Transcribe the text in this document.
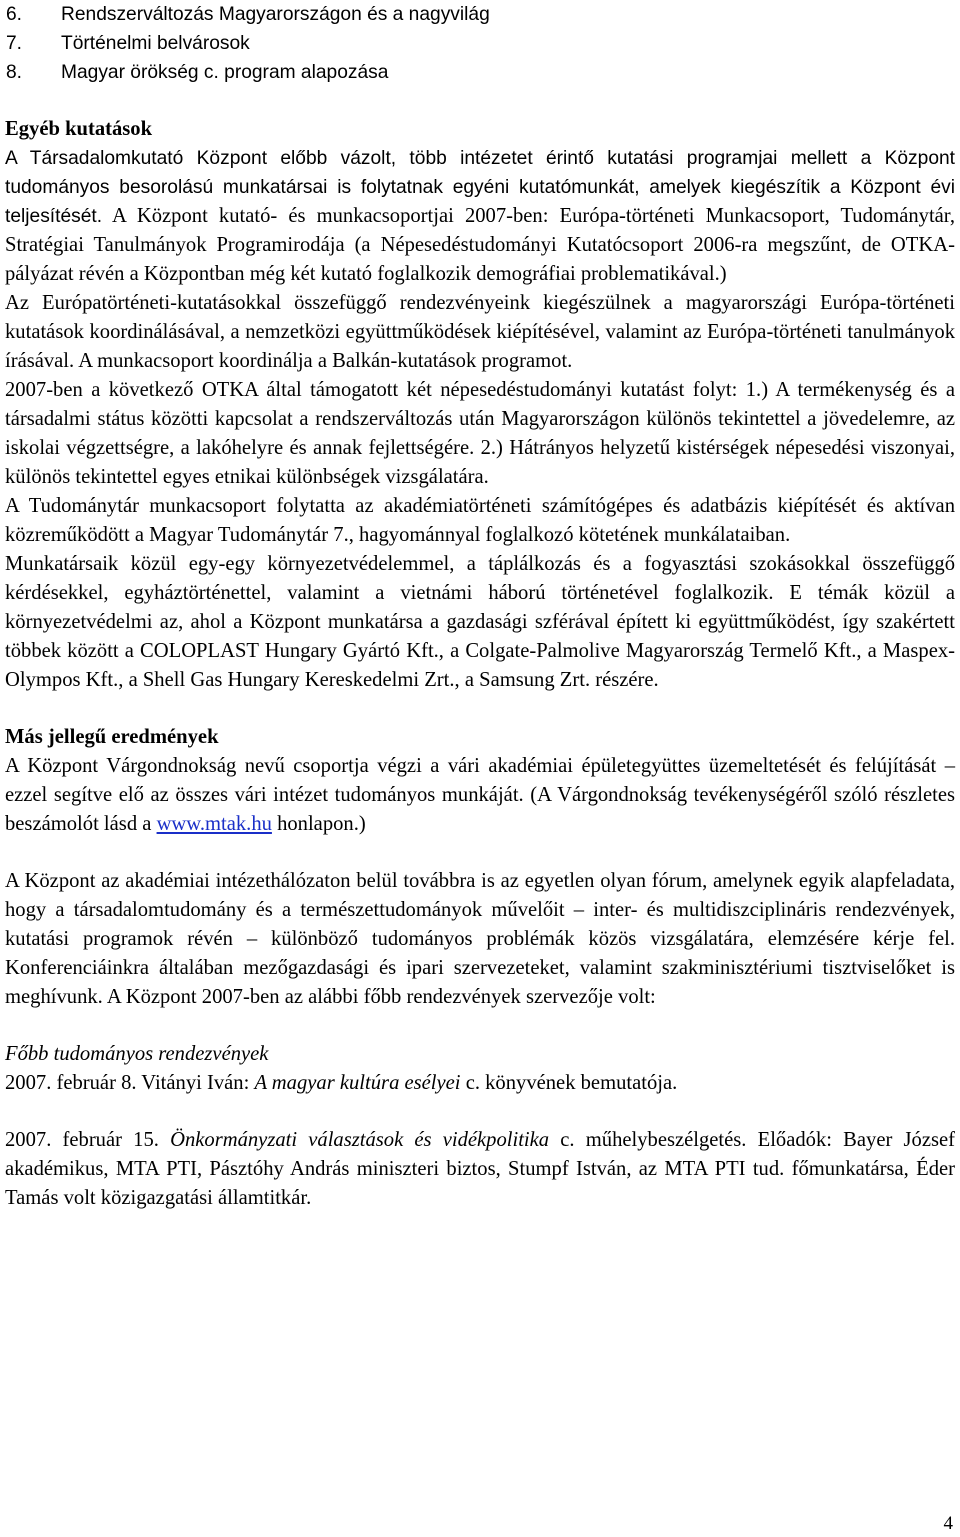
6. Rendszerváltozás Magyarországon és a nagyvilág
7. Történelmi belvárosok
8. Magyar örökség c. program alapozása
Egyéb kutatások

A Társadalomkutató Központ előbb vázolt, több intézetet érintő kutatási programjai mellett a Központ tudományos besorolású munkatársai is folytatnak egyéni kutatómunkát, amelyek kiegészítik a Központ évi teljesítését. A Központ kutató- és munkacsoportjai 2007-ben: Európa-történeti Munkacsoport, Tudománytár, Stratégiai Tanulmányok Programirodája (a Népesedéstudományi Kutatócsoport 2006-ra megszűnt, de OTKA-pályázat révén a Központban még két kutató foglalkozik demográfiai problematikával.)

Az Európatörténeti-kutatásokkal összefüggő rendezvényeink kiegészülnek a magyarországi Európa-történeti kutatások koordinálásával, a nemzetközi együttműködések kiépítésével, valamint az Európa-történeti tanulmányok írásával. A munkacsoport koordinálja a Balkán-kutatások programot.

2007-ben a következő OTKA által támogatott két népesedéstudományi kutatást folyt: 1.) A termékenység és a társadalmi státus közötti kapcsolat a rendszerváltozás után Magyarországon különös tekintettel a jövedelemre, az iskolai végzettségre, a lakóhelyre és annak fejlettségére. 2.) Hátrányos helyzetű kistérségek népesedési viszonyai, különös tekintettel egyes etnikai különbségek vizsgálatára.

A Tudománytár munkacsoport folytatta az akadémiatörténeti számítógépes és adatbázis kiépítését és aktívan közreműködött a Magyar Tudománytár 7., hagyománnyal foglalkozó kötetének munkálataiban.

Munkatársaik közül egy-egy környezetvédelemmel, a táplálkozás és a fogyasztási szokásokkal összefüggő kérdésekkel, egyháztörténettel, valamint a vietnámi háború történetével foglalkozik. E témák közül a környezetvédelmi az, ahol a Központ munkatársa a gazdasági szférával épített ki együttműködést, így szakértett többek között a COLOPLAST Hungary Gyártó Kft., a Colgate-Palmolive Magyarország Termelő Kft., a Maspex-Olympos Kft., a Shell Gas Hungary Kereskedelmi Zrt., a Samsung Zrt. részére.

Más jellegű eredmények

A Központ Várgondnokság nevű csoportja végzi a vári akadémiai épületegyüttes üzemeltetését és felújítását – ezzel segítve elő az összes vári intézet tudományos munkáját. (A Várgondnokság tevékenységéről szóló részletes beszámolót lásd a www.mtak.hu honlapon.)

A Központ az akadémiai intézethálózaton belül továbbra is az egyetlen olyan fórum, amelynek egyik alapfeladata, hogy a társadalomtudomány és a természettudományok művelőit – inter- és multidiszciplináris rendezvények, kutatási programok révén – különböző tudományos problémák közös vizsgálatára, elemzésére kérje fel. Konferenciáinkra általában mezőgazdasági és ipari szervezeteket, valamint szakminisztériumi tisztviselőket is meghívunk. A Központ 2007-ben az alábbi főbb rendezvények szervezője volt:

Főbb tudományos rendezvények

2007. február 8. Vitányi Iván: A magyar kultúra esélyei c. könyvének bemutatója.

2007. február 15. Önkormányzati választások és vidékpolitika c. műhelybeszélgetés. Előadók: Bayer József akadémikus, MTA PTI, Pásztóhy András miniszteri biztos, Stumpf István, az MTA PTI tud. főmunkatársa, Éder Tamás volt közigazgatási államtitkár.

4
